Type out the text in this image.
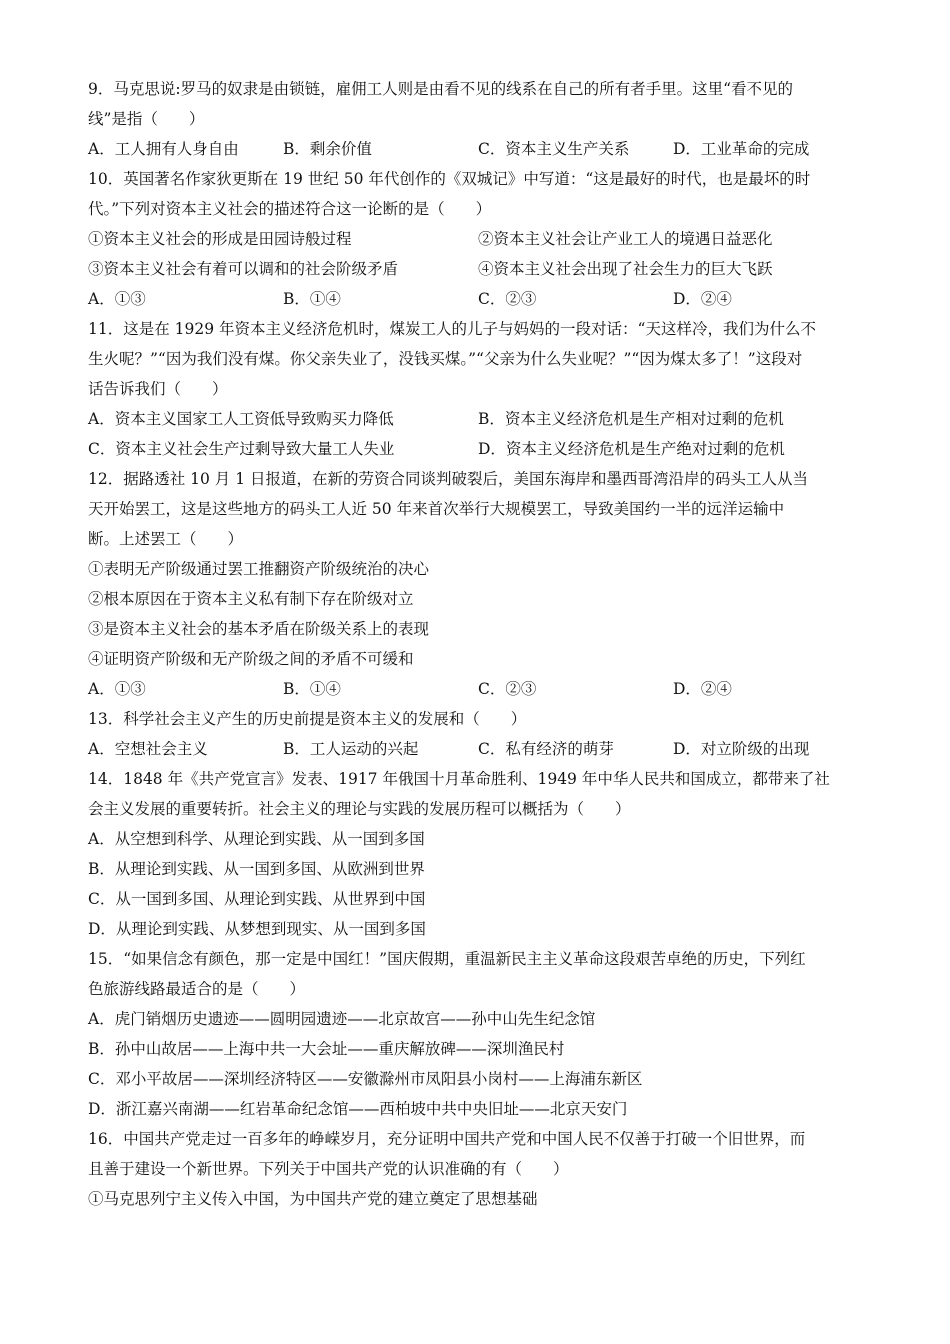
9．马克思说:罗马的奴隶是由锁链，雇佣工人则是由看不见的线系在自己的所有者手里。这里“看不见的
线”是指（　　）
A．工人拥有人身自由	B．剩余价值	C．资本主义生产关系	D．工业革命的完成
10．英国著名作家狄更斯在 19 世纪 50 年代创作的《双城记》中写道：“这是最好的时代，也是最坏的时
代。”下列对资本主义社会的描述符合这一论断的是（　　）
①资本主义社会的形成是田园诗般过程	②资本主义社会让产业工人的境遇日益恶化
③资本主义社会有着可以调和的社会阶级矛盾	④资本主义社会出现了社会生力的巨大飞跃
A．①③	B．①④	C．②③	D．②④
11．这是在 1929 年资本主义经济危机时，煤炭工人的儿子与妈妈的一段对话：“天这样冷，我们为什么不
生火呢？”“因为我们没有煤。你父亲失业了，没钱买煤。”“父亲为什么失业呢？”“因为煤太多了！”这段对
话告诉我们（　　）
A．资本主义国家工人工资低导致购买力降低	B．资本主义经济危机是生产相对过剩的危机
C．资本主义社会生产过剩导致大量工人失业	D．资本主义经济危机是生产绝对过剩的危机
12．据路透社 10 月 1 日报道，在新的劳资合同谈判破裂后，美国东海岸和墨西哥湾沿岸的码头工人从当
天开始罢工，这是这些地方的码头工人近 50 年来首次举行大规模罢工，导致美国约一半的远洋运输中
断。上述罢工（　　）
①表明无产阶级通过罢工推翻资产阶级统治的决心
②根本原因在于资本主义私有制下存在阶级对立
③是资本主义社会的基本矛盾在阶级关系上的表现
④证明资产阶级和无产阶级之间的矛盾不可缓和
A．①③	B．①④	C．②③	D．②④
13．科学社会主义产生的历史前提是资本主义的发展和（　　）
A．空想社会主义	B．工人运动的兴起	C．私有经济的萌芽	D．对立阶级的出现
14．1848 年《共产党宣言》发表、1917 年俄国十月革命胜利、1949 年中华人民共和国成立，都带来了社
会主义发展的重要转折。社会主义的理论与实践的发展历程可以概括为（　　）
A．从空想到科学、从理论到实践、从一国到多国
B．从理论到实践、从一国到多国、从欧洲到世界
C．从一国到多国、从理论到实践、从世界到中国
D．从理论到实践、从梦想到现实、从一国到多国
15．“如果信念有颜色，那一定是中国红！”国庆假期，重温新民主主义革命这段艰苦卓绝的历史，下列红
色旅游线路最适合的是（　　）
A．虎门销烟历史遗迹——圆明园遗迹——北京故宫——孙中山先生纪念馆
B．孙中山故居——上海中共一大会址——重庆解放碑——深圳渔民村
C．邓小平故居——深圳经济特区——安徽滁州市凤阳县小岗村——上海浦东新区
D．浙江嘉兴南湖——红岩革命纪念馆——西柏坡中共中央旧址——北京天安门
16．中国共产党走过一百多年的峥嵘岁月，充分证明中国共产党和中国人民不仅善于打破一个旧世界，而
且善于建设一个新世界。下列关于中国共产党的认识准确的有（　　）
①马克思列宁主义传入中国，为中国共产党的建立奠定了思想基础
